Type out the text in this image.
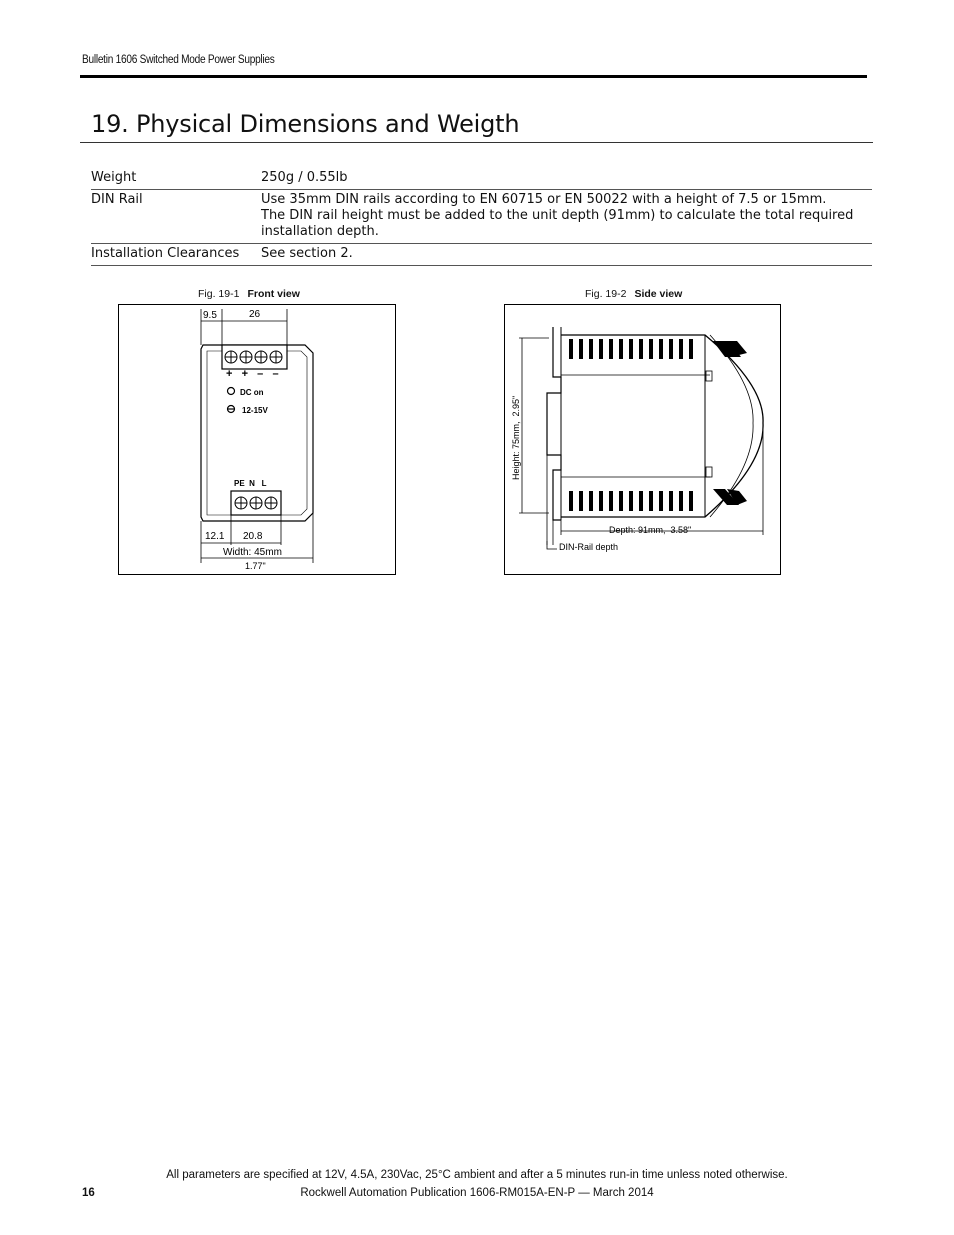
Bulletin 1606 Switched Mode Power Supplies
19. Physical Dimensions and Weigth
Weight	250g / 0.55lb

DIN Rail	Use 35mm DIN rails according to EN 60715 or EN 50022 with a height of 7.5 or 15mm.
The DIN rail height must be added to the unit depth (91mm) to calculate the total required
installation depth.

Installation Clearances	See section 2.
Fig. 19-1 Front view	Fig. 19-2 Side view
9.5	26
+   +   –   –
DC on
12-15V
PE  N   L
12.1 20.8
Width: 45mm
1.77"
Height: 75mm,  2.95"
Depth: 91mm,  3.58"
DIN-Rail depth
All parameters are specified at 12V, 4.5A, 230Vac, 25°C ambient and after a 5 minutes run-in time unless noted otherwise.
16	Rockwell Automation Publication 1606-RM015A-EN-P — March 2014
